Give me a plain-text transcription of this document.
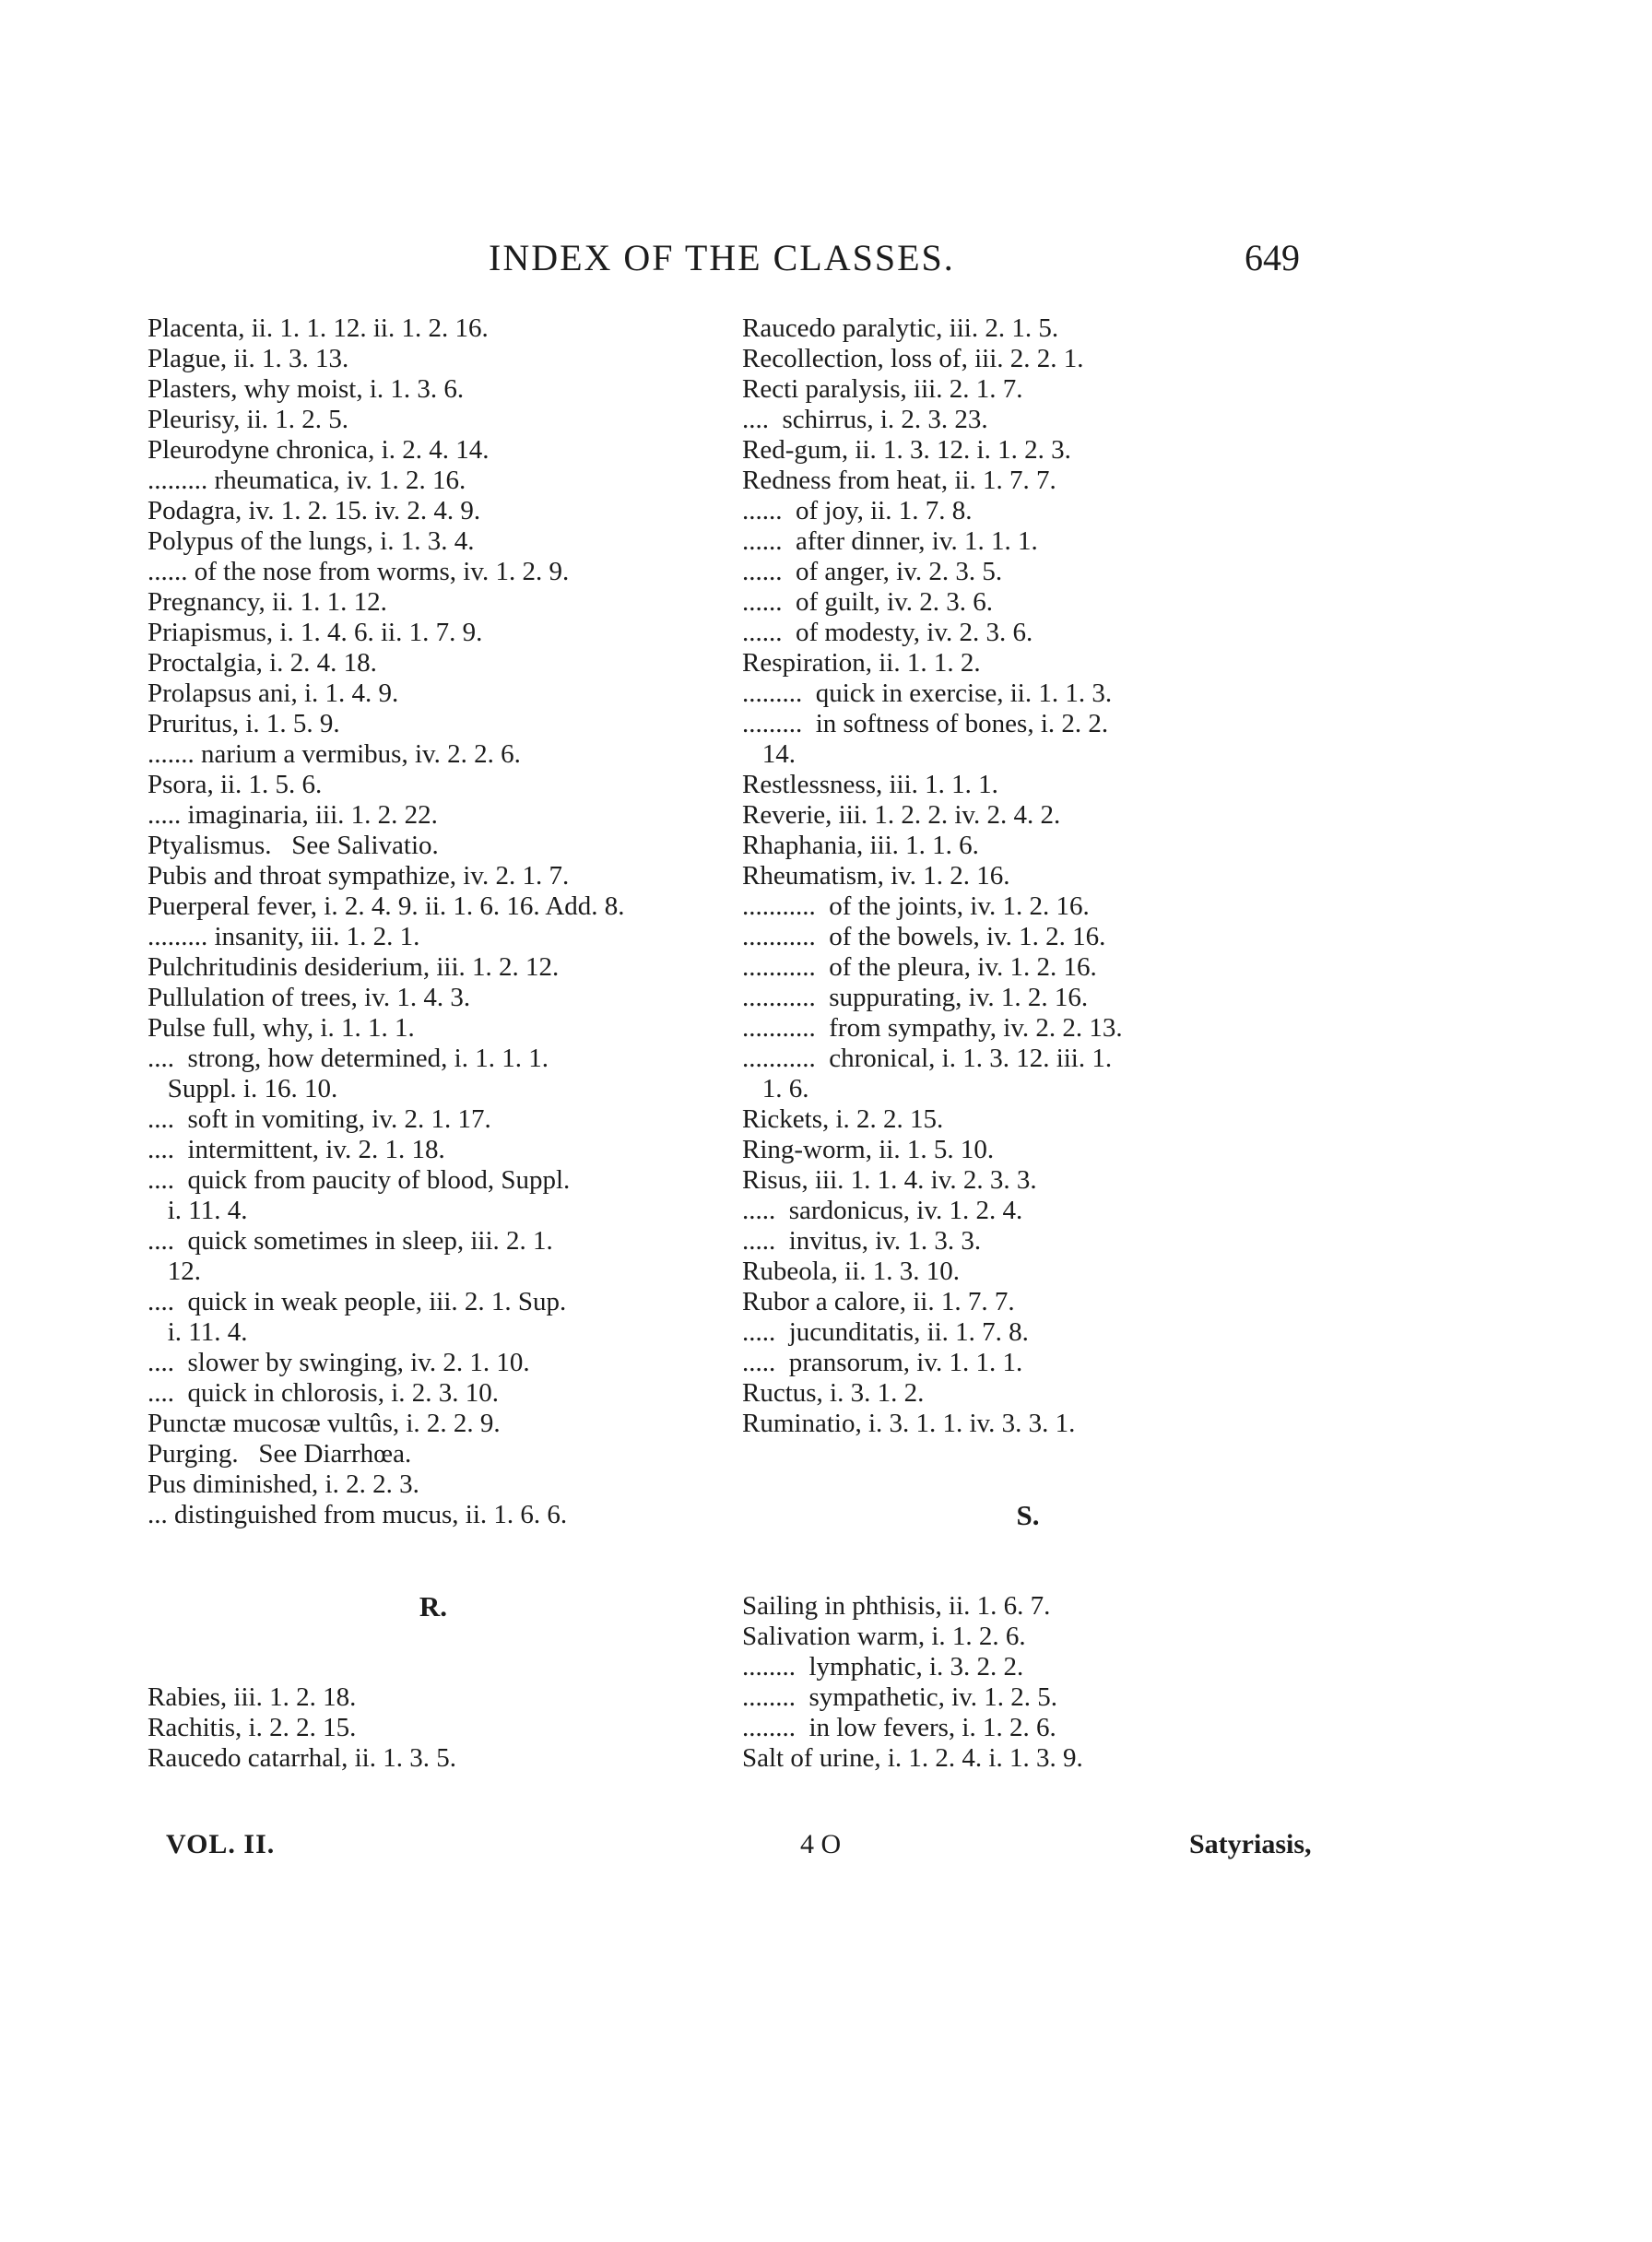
INDEX OF THE CLASSES.	649
Placenta, ii. 1. 1. 12. ii. 1. 2. 16.
Plague, ii. 1. 3. 13.
Plasters, why moist, i. 1. 3. 6.
Pleurisy, ii. 1. 2. 5.
Pleurodyne chronica, i. 2. 4. 14.
......... rheumatica, iv. 1. 2. 16.
Podagra, iv. 1. 2. 15. iv. 2. 4. 9.
Polypus of the lungs, i. 1. 3. 4.
...... of the nose from worms, iv. 1. 2. 9.
Pregnancy, ii. 1. 1. 12.
Priapismus, i. 1. 4. 6. ii. 1. 7. 9.
Proctalgia, i. 2. 4. 18.
Prolapsus ani, i. 1. 4. 9.
Pruritus, i. 1. 5. 9.
....... narium a vermibus, iv. 2. 2. 6.
Psora, ii. 1. 5. 6.
..... imaginaria, iii. 1. 2. 22.
Ptyalismus.   See Salivatio.
Pubis and throat sympathize, iv. 2. 1. 7.
Puerperal fever, i. 2. 4. 9. ii. 1. 6. 16. Add. 8.
......... insanity, iii. 1. 2. 1.
Pulchritudinis desiderium, iii. 1. 2. 12.
Pullulation of trees, iv. 1. 4. 3.
Pulse full, why, i. 1. 1. 1.
....  strong, how determined, i. 1. 1. 1.
Suppl. i. 16. 10.
....  soft in vomiting, iv. 2. 1. 17.
....  intermittent, iv. 2. 1. 18.
....  quick from paucity of blood, Suppl.
i. 11. 4.
....  quick sometimes in sleep, iii. 2. 1.
12.
....  quick in weak people, iii. 2. 1. Sup.
i. 11. 4.
....  slower by swinging, iv. 2. 1. 10.
....  quick in chlorosis, i. 2. 3. 10.
Punctæ mucosæ vultûs, i. 2. 2. 9.
Purging.   See Diarrhœa.
Pus diminished, i. 2. 2. 3.
... distinguished from mucus, ii. 1. 6. 6.

R.

Rabies, iii. 1. 2. 18.
Rachitis, i. 2. 2. 15.
Raucedo catarrhal, ii. 1. 3. 5.
Raucedo paralytic, iii. 2. 1. 5.
Recollection, loss of, iii. 2. 2. 1.
Recti paralysis, iii. 2. 1. 7.
....  schirrus, i. 2. 3. 23.
Red-gum, ii. 1. 3. 12. i. 1. 2. 3.
Redness from heat, ii. 1. 7. 7.
......  of joy, ii. 1. 7. 8.
......  after dinner, iv. 1. 1. 1.
......  of anger, iv. 2. 3. 5.
......  of guilt, iv. 2. 3. 6.
......  of modesty, iv. 2. 3. 6.
Respiration, ii. 1. 1. 2.
.........  quick in exercise, ii. 1. 1. 3.
.........  in softness of bones, i. 2. 2.
14.
Restlessness, iii. 1. 1. 1.
Reverie, iii. 1. 2. 2. iv. 2. 4. 2.
Rhaphania, iii. 1. 1. 6.
Rheumatism, iv. 1. 2. 16.
...........  of the joints, iv. 1. 2. 16.
...........  of the bowels, iv. 1. 2. 16.
...........  of the pleura, iv. 1. 2. 16.
...........  suppurating, iv. 1. 2. 16.
...........  from sympathy, iv. 2. 2. 13.
...........  chronical, i. 1. 3. 12. iii. 1.
1. 6.
Rickets, i. 2. 2. 15.
Ring-worm, ii. 1. 5. 10.
Risus, iii. 1. 1. 4. iv. 2. 3. 3.
.....  sardonicus, iv. 1. 2. 4.
.....  invitus, iv. 1. 3. 3.
Rubeola, ii. 1. 3. 10.
Rubor a calore, ii. 1. 7. 7.
.....  jucunditatis, ii. 1. 7. 8.
.....  pransorum, iv. 1. 1. 1.
Ructus, i. 3. 1. 2.
Ruminatio, i. 3. 1. 1. iv. 3. 3. 1.

S.

Sailing in phthisis, ii. 1. 6. 7.
Salivation warm, i. 1. 2. 6.
........  lymphatic, i. 3. 2. 2.
........  sympathetic, iv. 1. 2. 5.
........  in low fevers, i. 1. 2. 6.
Salt of urine, i. 1. 2. 4. i. 1. 3. 9.
VOL. II.	4 O	Satyriasis,
